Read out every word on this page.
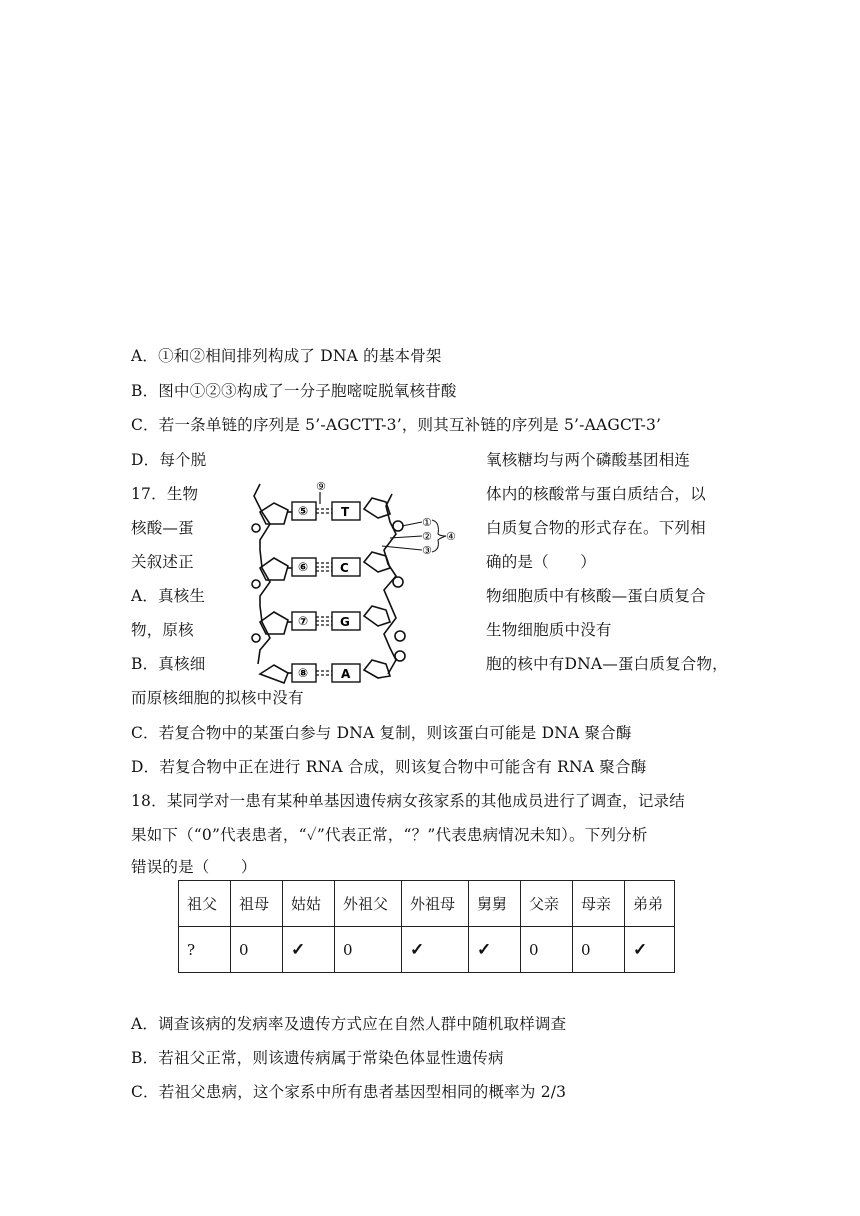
A．①和②相间排列构成了 DNA 的基本骨架
B．图中①②③构成了一分子胞嘧啶脱氧核苷酸
C．若一条单链的序列是 5’-AGCTT-3’，则其互补链的序列是 5’-AAGCT-3’
D．每个脱	氧核糖均与两个磷酸基团相连
17．生物	体内的核酸常与蛋白质结合，以
核酸—蛋	白质复合物的形式存在。下列相
关叙述正	确的是（　　）
A．真核生	物细胞质中有核酸—蛋白质复合
物，原核	生物细胞质中没有
B．真核细	胞的核中有DNA—蛋白质复合物，
而原核细胞的拟核中没有
C．若复合物中的某蛋白参与 DNA 复制，则该蛋白可能是 DNA 聚合酶
D．若复合物中正在进行 RNA 合成，则该复合物中可能含有 RNA 聚合酶
⑨
⑤	T
⑥	C
⑦	G
⑧	A
①
②
③
④
18．某同学对一患有某种单基因遗传病女孩家系的其他成员进行了调查，记录结
果如下（“0”代表患者，“✓”代表正常，“？”代表患病情况未知）。下列分析
错误的是（　　）
祖父	祖母	姑姑	外祖父	外祖母	舅舅	父亲	母亲	弟弟
?	0	✓	0	✓	✓	0	0	✓
A．调查该病的发病率及遗传方式应在自然人群中随机取样调查
B．若祖父正常，则该遗传病属于常染色体显性遗传病
C．若祖父患病，这个家系中所有患者基因型相同的概率为 2/3
